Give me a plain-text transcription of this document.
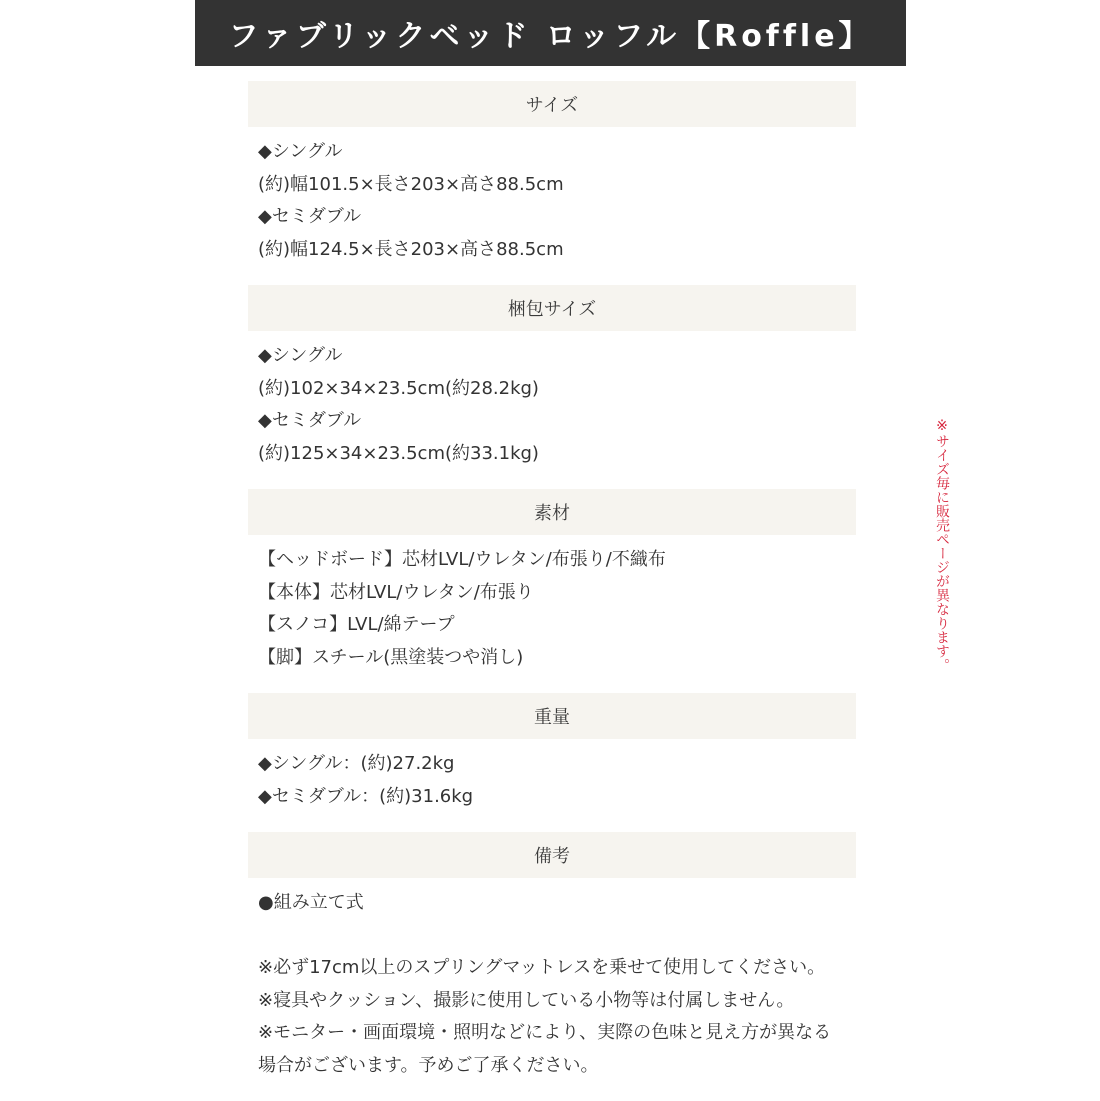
ファブリックベッド ロッフル【Roffle】
サイズ
◆シングル
(約)幅101.5×長さ203×高さ88.5cm
◆セミダブル
(約)幅124.5×長さ203×高さ88.5cm
梱包サイズ
◆シングル
(約)102×34×23.5cm(約28.2kg)
◆セミダブル
(約)125×34×23.5cm(約33.1kg)
素材
【ヘッドボード】芯材LVL/ウレタン/布張り/不織布
【本体】芯材LVL/ウレタン/布張り
【スノコ】LVL/綿テープ
【脚】スチール(黒塗装つや消し)
重量
◆シングル：(約)27.2kg
◆セミダブル：(約)31.6kg
備考
●組み立て式
※必ず17cm以上のスプリングマットレスを乗せて使用してください。
※寝具やクッション、撮影に使用している小物等は付属しません。
※モニター・画面環境・照明などにより、実際の色味と見え方が異なる
場合がございます。予めご了承ください。
※サイズ毎に販売ページが異なります。
